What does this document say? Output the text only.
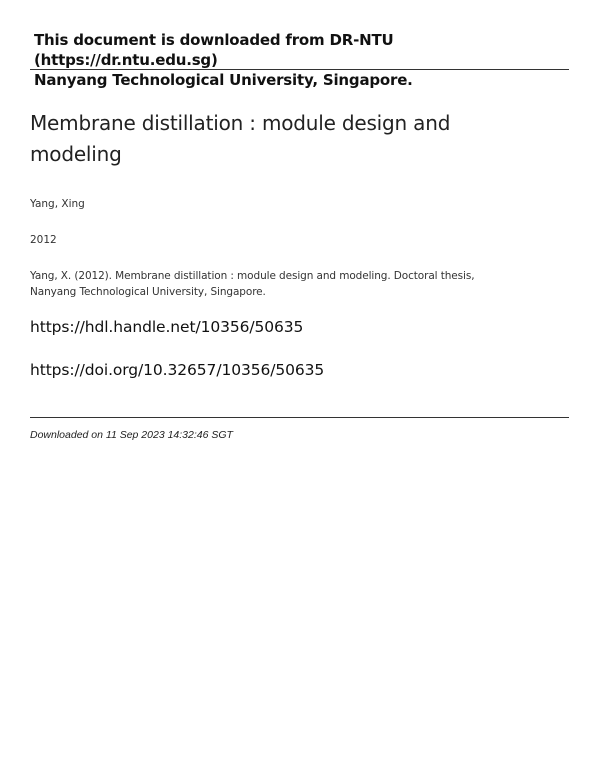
This document is downloaded from DR‑NTU (https://dr.ntu.edu.sg)
Nanyang Technological University, Singapore.
Membrane distillation : module design and
modeling
Yang, Xing
2012
Yang, X. (2012). Membrane distillation : module design and modeling. Doctoral thesis,
Nanyang Technological University, Singapore.
https://hdl.handle.net/10356/50635
https://doi.org/10.32657/10356/50635
Downloaded on 11 Sep 2023 14:32:46 SGT
